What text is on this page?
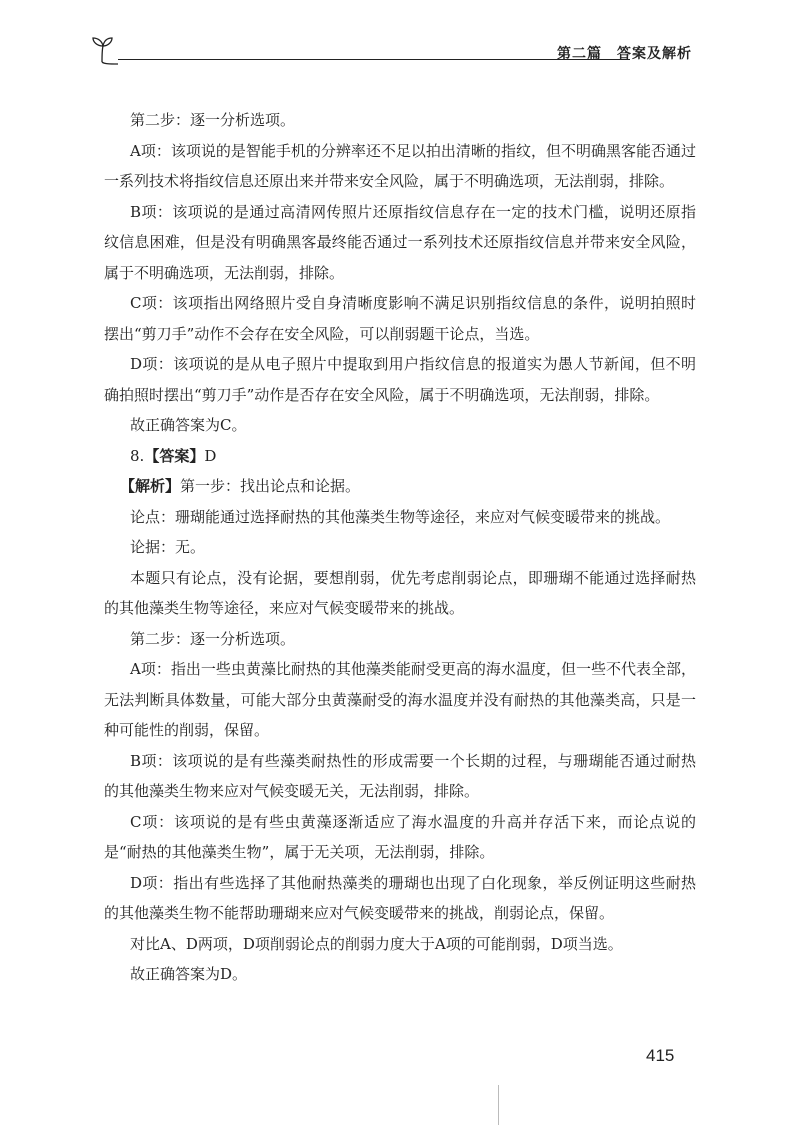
第二篇　答案及解析

第二步：逐一分析选项。

A项：该项说的是智能手机的分辨率还不足以拍出清晰的指纹，但不明确黑客能否通过一系列技术将指纹信息还原出来并带来安全风险，属于不明确选项，无法削弱，排除。

B项：该项说的是通过高清网传照片还原指纹信息存在一定的技术门槛，说明还原指纹信息困难，但是没有明确黑客最终能否通过一系列技术还原指纹信息并带来安全风险，属于不明确选项，无法削弱，排除。

C项：该项指出网络照片受自身清晰度影响不满足识别指纹信息的条件，说明拍照时摆出“剪刀手”动作不会存在安全风险，可以削弱题干论点，当选。

D项：该项说的是从电子照片中提取到用户指纹信息的报道实为愚人节新闻，但不明确拍照时摆出“剪刀手”动作是否存在安全风险，属于不明确选项，无法削弱，排除。

故正确答案为C。

8.【答案】D

【解析】第一步：找出论点和论据。

论点：珊瑚能通过选择耐热的其他藻类生物等途径，来应对气候变暖带来的挑战。

论据：无。

本题只有论点，没有论据，要想削弱，优先考虑削弱论点，即珊瑚不能通过选择耐热的其他藻类生物等途径，来应对气候变暖带来的挑战。

第二步：逐一分析选项。

A项：指出一些虫黄藻比耐热的其他藻类能耐受更高的海水温度，但一些不代表全部，无法判断具体数量，可能大部分虫黄藻耐受的海水温度并没有耐热的其他藻类高，只是一种可能性的削弱，保留。

B项：该项说的是有些藻类耐热性的形成需要一个长期的过程，与珊瑚能否通过耐热的其他藻类生物来应对气候变暖无关，无法削弱，排除。

C项：该项说的是有些虫黄藻逐渐适应了海水温度的升高并存活下来，而论点说的是“耐热的其他藻类生物”，属于无关项，无法削弱，排除。

D项：指出有些选择了其他耐热藻类的珊瑚也出现了白化现象，举反例证明这些耐热的其他藻类生物不能帮助珊瑚来应对气候变暖带来的挑战，削弱论点，保留。

对比A、D两项，D项削弱论点的削弱力度大于A项的可能削弱，D项当选。

故正确答案为D。

415
